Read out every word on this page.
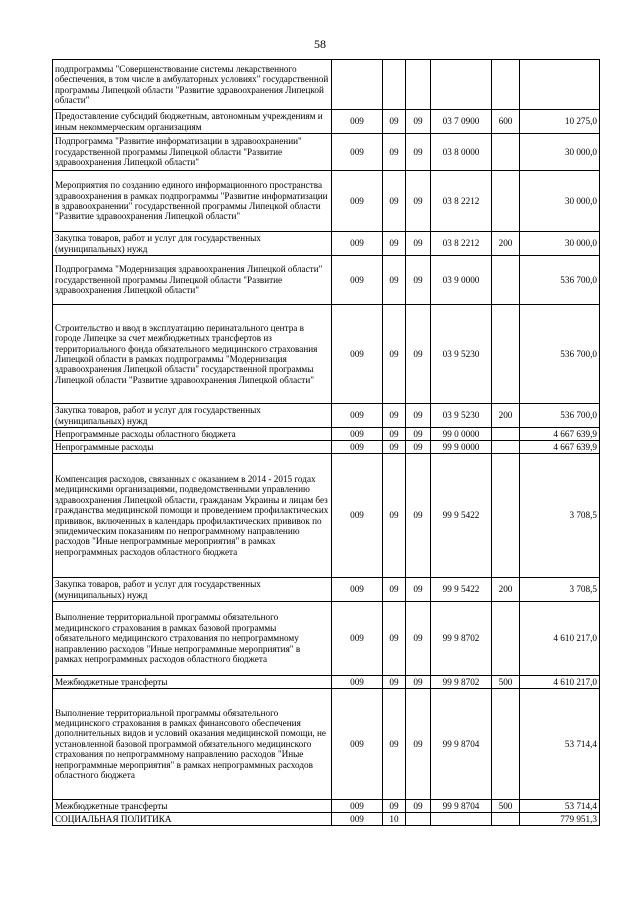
58
подпрограммы "Совершенствование системы лекарственного обеспечения, в том числе в амбулаторных условиях" государственной программы Липецкой области "Развитие здравоохранения Липецкой области"						
Предоставление субсидий бюджетным, автономным учреждениям и иным некоммерческим организациям	009	09	09	03 7 0900	600	10 275,0
Подпрограмма "Развитие информатизации в здравоохранении" государственной программы Липецкой области "Развитие здравоохранения Липецкой области"	009	09	09	03 8 0000		30 000,0
Мероприятия по созданию единого информационного пространства здравоохранения в рамках подпрограммы "Развитие информатизации в здравоохранении" государственной программы Липецкой области "Развитие здравоохранения Липецкой области"	009	09	09	03 8 2212		30 000,0
Закупка товаров, работ и услуг для государственных (муниципальных) нужд	009	09	09	03 8 2212	200	30 000,0
Подпрограмма "Модернизация здравоохранения Липецкой области" государственной программы Липецкой области "Развитие здравоохранения Липецкой области"	009	09	09	03 9 0000		536 700,0
Строительство и ввод в эксплуатацию перинатального центра в городе Липецке за счет межбюджетных трансфертов из территориального фонда обязательного медицинского страхования Липецкой области в рамках подпрограммы "Модернизация здравоохранения Липецкой области" государственной программы Липецкой области "Развитие здравоохранения Липецкой области"	009	09	09	03 9 5230		536 700,0
Закупка товаров, работ и услуг для государственных (муниципальных) нужд	009	09	09	03 9 5230	200	536 700,0
Непрограммные расходы областного бюджета	009	09	09	99 0 0000		4 667 639,9
Непрограммные расходы	009	09	09	99 9 0000		4 667 639,9
Компенсация расходов, связанных с оказанием в 2014 - 2015 годах медицинскими организациями, подведомственными управлению здравоохранения Липецкой области, гражданам Украины и лицам без гражданства медицинской помощи и проведением профилактических прививок, включенных в календарь профилактических прививок по эпидемическим показаниям по непрограммному направлению расходов "Иные непрограммные мероприятия" в рамках непрограммных расходов областного бюджета	009	09	09	99 9 5422		3 708,5
Закупка товаров, работ и услуг для государственных (муниципальных) нужд	009	09	09	99 9 5422	200	3 708,5
Выполнение территориальной программы обязательного медицинского страхования в рамках базовой программы обязательного медицинского страхования по непрограммному направлению расходов "Иные непрограммные мероприятия" в рамках непрограммных расходов областного бюджета	009	09	09	99 9 8702		4 610 217,0
Межбюджетные трансферты	009	09	09	99 9 8702	500	4 610 217,0
Выполнение территориальной программы обязательного медицинского страхования в рамках финансового обеспечения дополнительных видов и условий оказания медицинской помощи, не установленной базовой программой обязательного медицинского страхования по непрограммному направлению расходов "Иные непрограммные мероприятия" в рамках непрограммных расходов областного бюджета	009	09	09	99 9 8704		53 714,4
Межбюджетные трансферты	009	09	09	99 9 8704	500	53 714,4
СОЦИАЛЬНАЯ ПОЛИТИКА	009	10				779 951,3
